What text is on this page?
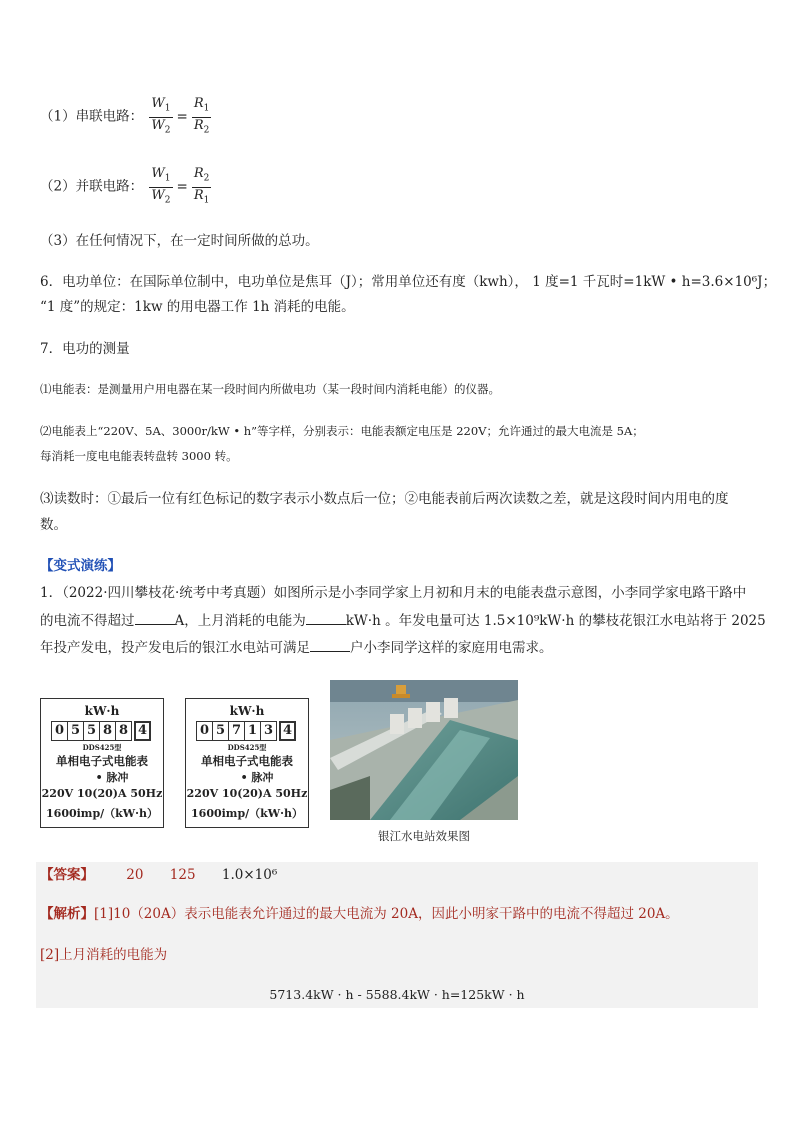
（1）串联电路： $\frac{W_1}{W_2} = \frac{R_1}{R_2}$
（2）并联电路： $\frac{W_1}{W_2} = \frac{R_2}{R_1}$
（3）在任何情况下，在一定时间所做的总功。
6．电功单位：在国际单位制中，电功单位是焦耳（J）；常用单位还有度（kwh）， 1 度=1 千瓦时=1kW • h=3.6×10⁶J；
“1 度”的规定：1kw 的用电器工作 1h 消耗的电能。
7．电功的测量
⑴电能表：是测量用户用电器在某一段时间内所做电功（某一段时间内消耗电能）的仪器。
⑵电能表上“220V、5A、3000r/kW • h”等字样，分别表示：电能表额定电压是 220V；允许通过的最大电流是 5A；
每消耗一度电电能表转盘转 3000 转。
⑶读数时：①最后一位有红色标记的数字表示小数点后一位；②电能表前后两次读数之差，就是这段时间内用电的度
数。
【变式演练】
1．（2022·四川攀枝花·统考中考真题）如图所示是小李同学家上月初和月末的电能表盘示意图，小李同学家电路干路中
的电流不得超过	A，上月消耗的电能为	kW·h 。年发电量可达 1.5×10⁹kW·h 的攀枝花银江水电站将于 2025
年投产发电，投产发电后的银江水电站可满足	户小李同学这样的家庭用电需求。
kW·h
0 5 5 8 8 4
DDS425型
单相电子式电能表
• 脉冲
220V 10(20)A 50Hz
1600imp/（kW·h）
kW·h
0 5 7 1 3 4
DDS425型
单相电子式电能表
• 脉冲
220V 10(20)A 50Hz
1600imp/（kW·h）
银江水电站效果图
【答案】 20 125 1.0×10⁶
【解析】[1]10（20A）表示电能表允许通过的最大电流为 20A，因此小明家干路中的电流不得超过 20A。
[2]上月消耗的电能为
5713.4kW · h - 5588.4kW · h=125kW · h
